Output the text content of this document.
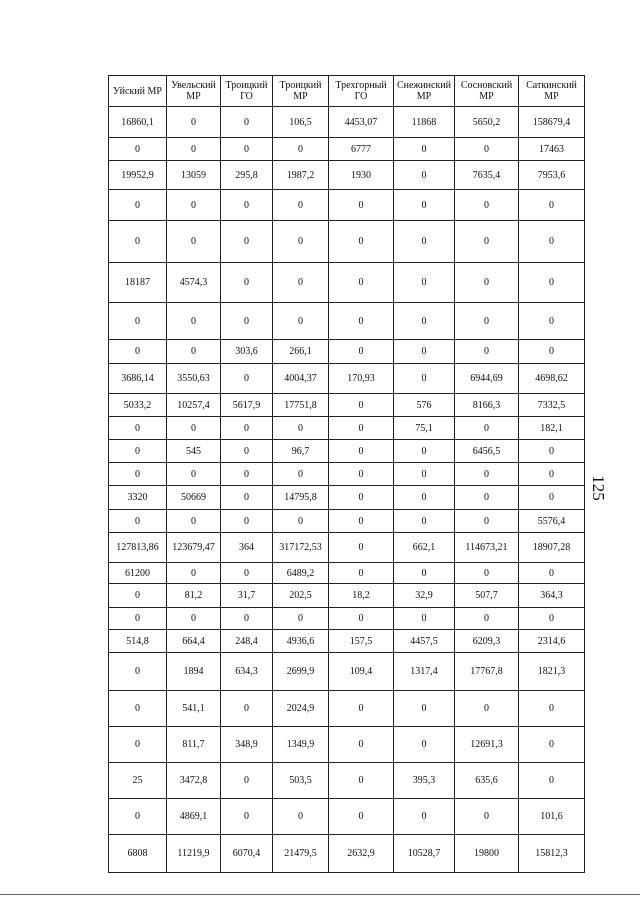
Уйский МР	Увельский МР	Троицкий ГО	Троицкий МР	Трехгорный ГО	Снежинский МР	Сосновский МР	Саткинский МР
16860,1	0	0	106,5	4453,07	11868	5650,2	158679,4
0	0	0	0	6777	0	0	17463
19952,9	13059	295,8	1987,2	1930	0	7635,4	7953,6
0	0	0	0	0	0	0	0
0	0	0	0	0	0	0	0
18187	4574,3	0	0	0	0	0	0
0	0	0	0	0	0	0	0
0	0	303,6	266,1	0	0	0	0
3686,14	3550,63	0	4004,37	170,93	0	6944,69	4698,62
5033,2	10257,4	5617,9	17751,8	0	576	8166,3	7332,5
0	0	0	0	0	75,1	0	182,1
0	545	0	96,7	0	0	6456,5	0
0	0	0	0	0	0	0	0
3320	50669	0	14795,8	0	0	0	0
0	0	0	0	0	0	0	5576,4
127813,86	123679,47	364	317172,53	0	662,1	114673,21	18907,28
61200	0	0	6489,2	0	0	0	0
0	81,2	31,7	202,5	18,2	32,9	507,7	364,3
0	0	0	0	0	0	0	0
514,8	664,4	248,4	4936,6	157,5	4457,5	6209,3	2314,6
0	1894	634,3	2699,9	109,4	1317,4	17767,8	1821,3
0	541,1	0	2024,9	0	0	0	0
0	811,7	348,9	1349,9	0	0	12691,3	0
25	3472,8	0	503,5	0	395,3	635,6	0
0	4869,1	0	0	0	0	0	101,6
6808	11219,9	6070,4	21479,5	2632,9	10528,7	19800	15812,3
125
